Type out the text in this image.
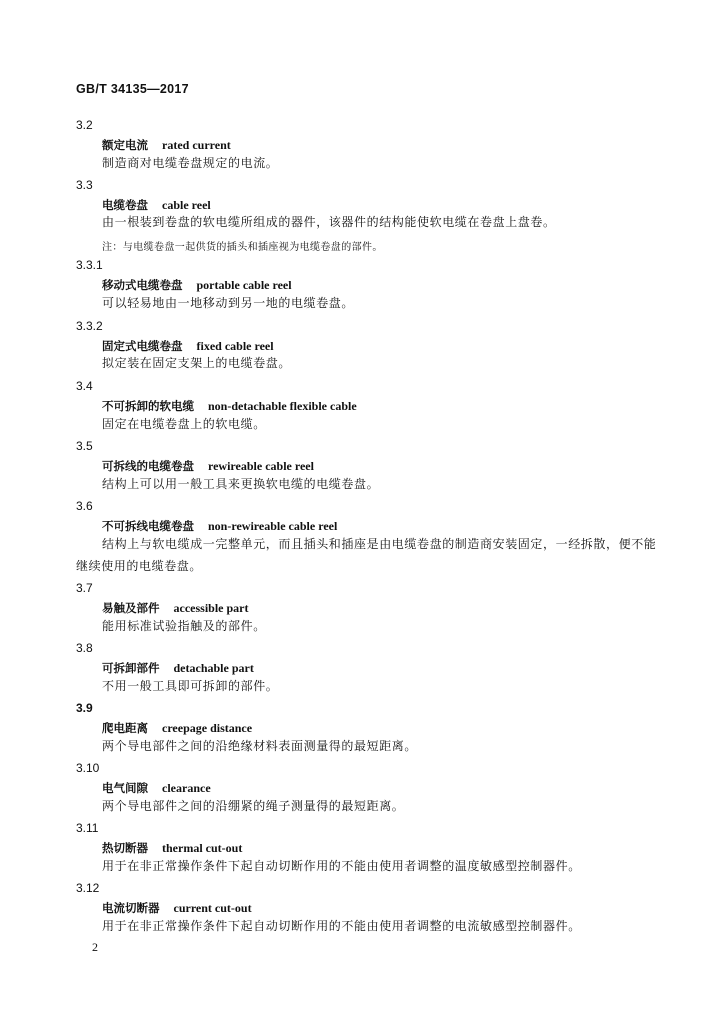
GB/T 34135—2017
3.2
额定电流 rated current
制造商对电缆卷盘规定的电流。
3.3
电缆卷盘 cable reel
由一根装到卷盘的软电缆所组成的器件，该器件的结构能使软电缆在卷盘上盘卷。
注：与电缆卷盘一起供货的插头和插座视为电缆卷盘的部件。
3.3.1
移动式电缆卷盘 portable cable reel
可以轻易地由一地移动到另一地的电缆卷盘。
3.3.2
固定式电缆卷盘 fixed cable reel
拟定装在固定支架上的电缆卷盘。
3.4
不可拆卸的软电缆 non-detachable flexible cable
固定在电缆卷盘上的软电缆。
3.5
可拆线的电缆卷盘 rewireable cable reel
结构上可以用一般工具来更换软电缆的电缆卷盘。
3.6
不可拆线电缆卷盘 non-rewireable cable reel
结构上与软电缆成一完整单元，而且插头和插座是由电缆卷盘的制造商安装固定，一经拆散，便不能继续使用的电缆卷盘。
3.7
易触及部件 accessible part
能用标准试验指触及的部件。
3.8
可拆卸部件 detachable part
不用一般工具即可拆卸的部件。
3.9
爬电距离 creepage distance
两个导电部件之间的沿绝缘材料表面测量得的最短距离。
3.10
电气间隙 clearance
两个导电部件之间的沿绷紧的绳子测量得的最短距离。
3.11
热切断器 thermal cut-out
用于在非正常操作条件下起自动切断作用的不能由使用者调整的温度敏感型控制器件。
3.12
电流切断器 current cut-out
用于在非正常操作条件下起自动切断作用的不能由使用者调整的电流敏感型控制器件。
2
